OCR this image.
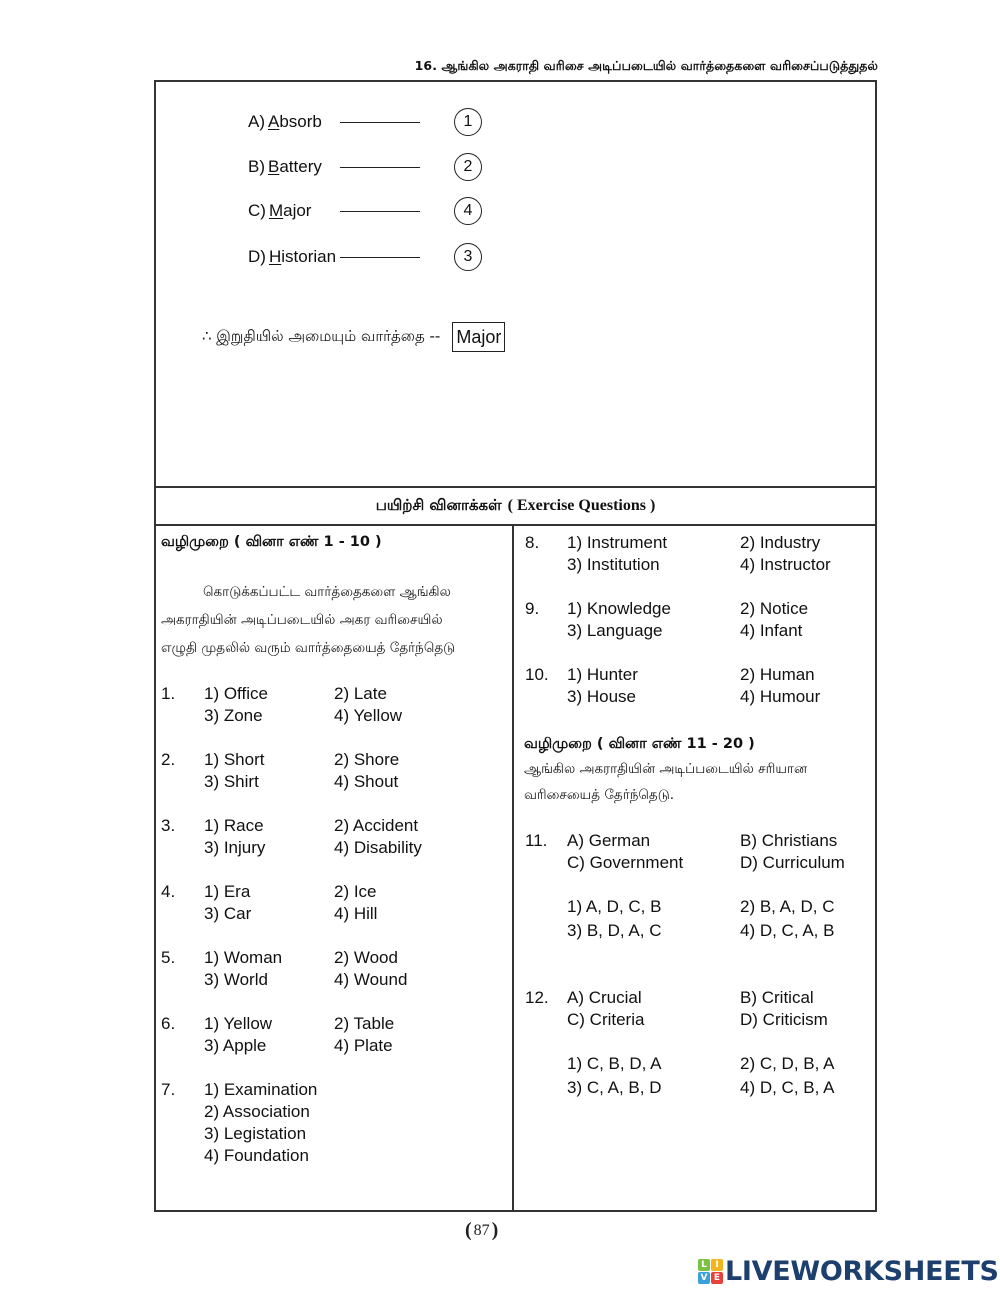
16. ஆங்கில அகராதி வரிசை அடிப்படையில் வார்த்தைகளை வரிசைப்படுத்துதல்
A) Absorb	1
B) Battery	2
C) Major	4
D) Historian	3
∴ இறுதியில் அமையும் வார்த்தை -- Major
பயிற்சி வினாக்கள் ( Exercise Questions )
வழிமுறை ( வினா எண் 1 - 10 )
கொடுக்கப்பட்ட வார்த்தைகளை ஆங்கில
அகராதியின் அடிப்படையில் அகர வரிசையில்
எழுதி முதலில் வரும் வார்த்தையைத் தேர்ந்தெடு
1. 1) Office	2) Late
3) Zone	4) Yellow
2. 1) Short	2) Shore
3) Shirt	4) Shout
3. 1) Race	2) Accident
3) Injury	4) Disability
4. 1) Era	2) Ice
3) Car	4) Hill
5. 1) Woman	2) Wood
3) World	4) Wound
6. 1) Yellow	2) Table
3) Apple	4) Plate
7. 1) Examination
2) Association
3) Legistation
4) Foundation
8. 1) Instrument	2) Industry
3) Institution	4) Instructor
9. 1) Knowledge	2) Notice
3) Language	4) Infant
10. 1) Hunter	2) Human
3) House	4) Humour
வழிமுறை ( வினா எண் 11 - 20 )
ஆங்கில அகராதியின் அடிப்படையில் சரியான
வரிசையைத் தேர்ந்தெடு.
11. A) German	B) Christians
C) Government	D) Curriculum
1) A, D, C, B	2) B, A, D, C
3) B, D, A, C	4) D, C, A, B
12. A) Crucial	B) Critical
C) Criteria	D) Criticism
1) C, B, D, A	2) C, D, B, A
3) C, A, B, D	4) D, C, B, A
( 87 )
L I
V E LIVEWORKSHEETS
